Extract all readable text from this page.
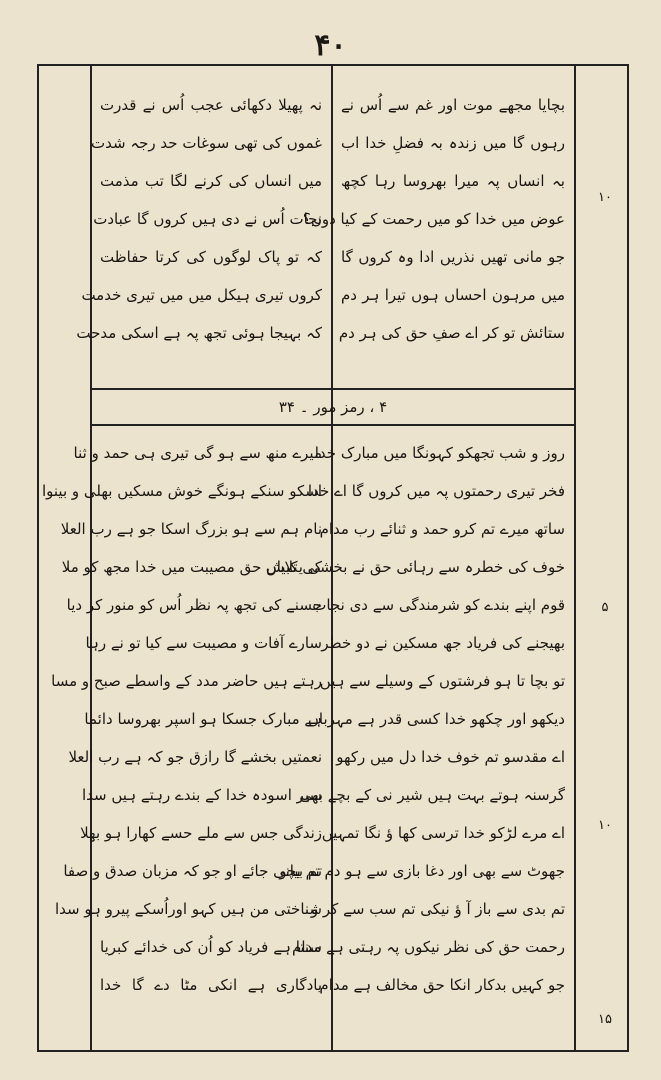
۴۰
۴ ، رمز مور ۔ ۳۴
بچایا مجھے موت اور غم سے اُس نے
رہوں گا میں زندہ بہ فضلِ خدا اب
بہ انساں پہ میرا بھروسا رہا کچھ
عوض میں خدا کو میں رحمت کے کیا دوں؟
جو مانی تھیں نذریں ادا وہ کروں گا
میں مرہون احساں ہوں تیرا ہر دم
ستائش تو کر اے صفِ حق کی ہر دم
نہ پھیلا دکھائی عجب اُس نے قدرت
غموں کی تھی سوغات حد رجہ شدت
میں انساں کی کرنے لگا تب مذمت
نجات اُس نے دی ہیں کروں گا عبادت
کہ تو پاک لوگوں کی کرتا حفاظت
کروں تیری ہیکل میں میں تیری خدمت
کہ بہیجا ہوئی تجھ پہ ہے اسکی مدحت
روز و شب تجھکو کہونگا میں مبارک خدا
فخر تیری رحمتوں پہ میں کروں گا اے خدا
ساتھ میرے تم کرو حمد و ثنائے رب مدام
خوف کی خطرہ سے رہائی حق نے بخشی یکبیاں
قوم اپنے بندے کو شرمندگی سے دی نجات
بھیجنے کی فریاد جھ مسکین نے دو خطر
تو بچا تا ہو فرشتوں کے وسیلے سے ہیں
دیکھو اور چکھو خدا کسی قدر ہے مہرباں
اے مقدسو تم خوف خدا دل میں رکھو
گرسنہ ہوتے بہت ہیں شیر نی کے بچے بھی
اے مرے لڑکو خدا ترسی کھا ؤ نگا تمہیں
جھوٹ سے بھی اور دغا بازی سے ہو دم تم بچو
تم بدی سے باز آ ؤ نیکی تم سب سے کر و
رحمت حق کی نظر نیکوں پہ رہتی ہے مدام
جو کہیں بدکار انکا حق مخالف ہے مدام
میرے منھ سے ہو گی تیری ہی حمد و ثنا
اسکو سنکے ہونگے خوش مسکیں بھلی و بینوا
نام ہم سے ہو بزرگ اسکا جو ہے رب العلا
کی تلاش حق مصیبت میں خدا مجھ کو ملا
جسنے کی تجھ پہ نظر اُس کو منور کر دیا
سارے آفات و مصیبت سے کیا تو نے رہا
رہتے ہیں حاضر مدد کے واسطے صبح و مسا
ہے مبارک جسکا ہو اسپر بھروسا دائما
نعمتیں بخشے گا رازق جو کہ ہے رب العلا
سیر اسودہ خدا کے بندے رہتے ہیں سدا
زندگی جس سے ملے حسے کھارا ہو بھلا
تم بیانی جائے او جو کہ مزبان صدق و صفا
شناختی من ہیں کہو اوراُسکے پیرو ہو سدا
سنتا ہے فریاد کو اُن کی خدائے کبریا
یادگاری ہے انکی مٹا دے گا خدا
۱۰
۵
۱۰
۱۵
